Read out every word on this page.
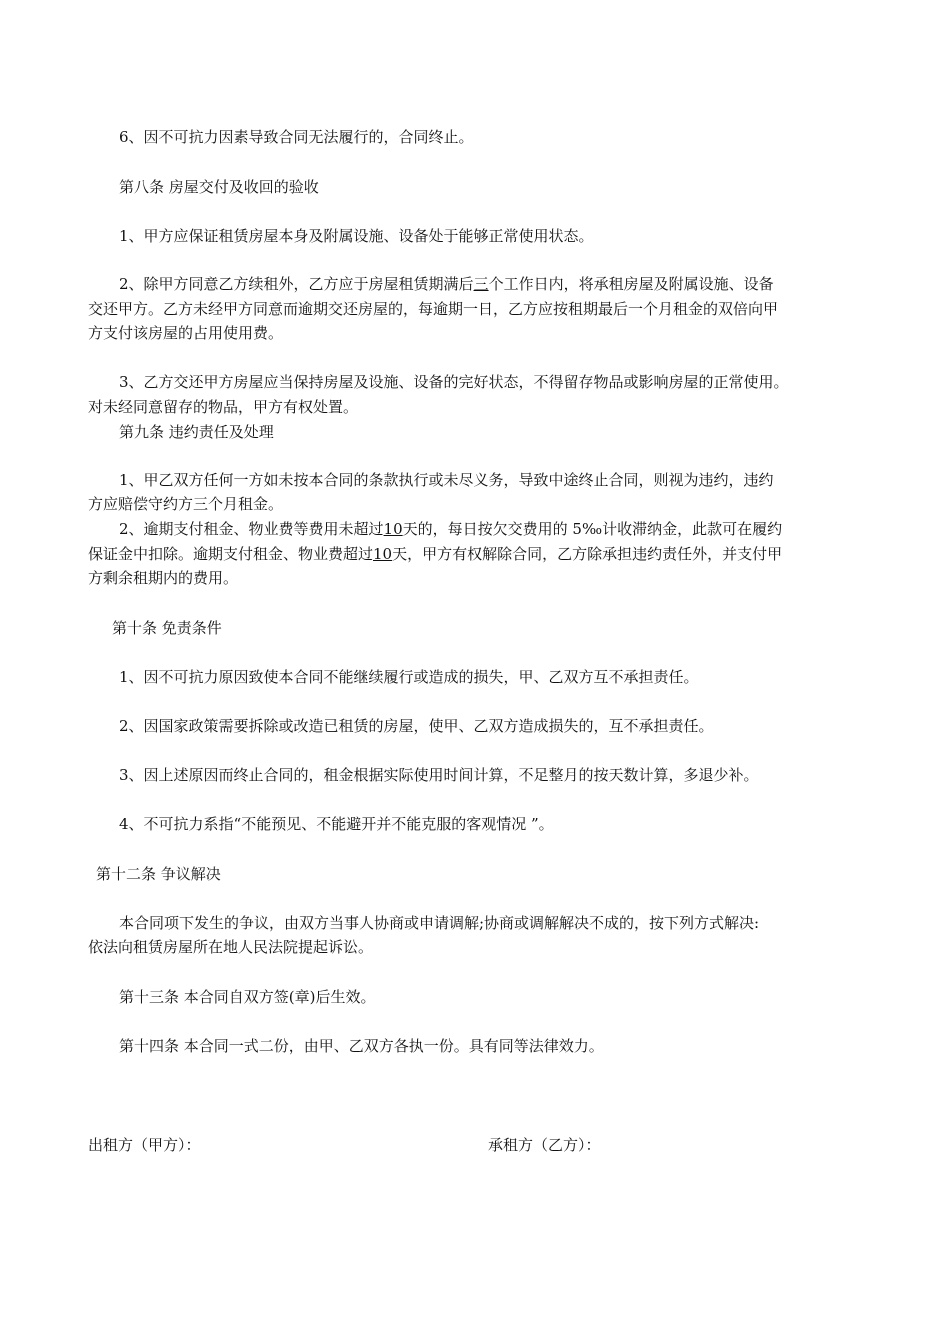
6、因不可抗力因素导致合同无法履行的，合同终止。
第八条 房屋交付及收回的验收
1、甲方应保证租赁房屋本身及附属设施、设备处于能够正常使用状态。
2、除甲方同意乙方续租外，乙方应于房屋租赁期满后三个工作日内，将承租房屋及附属设施、设备
交还甲方。乙方未经甲方同意而逾期交还房屋的，每逾期一日，乙方应按租期最后一个月租金的双倍向甲
方支付该房屋的占用使用费。
3、乙方交还甲方房屋应当保持房屋及设施、设备的完好状态，不得留存物品或影响房屋的正常使用。
对未经同意留存的物品，甲方有权处置。
第九条 违约责任及处理
1、甲乙双方任何一方如未按本合同的条款执行或未尽义务，导致中途终止合同，则视为违约，违约
方应赔偿守约方三个月租金。
2、逾期支付租金、物业费等费用未超过10天的，每日按欠交费用的 5‰计收滞纳金，此款可在履约
保证金中扣除。逾期支付租金、物业费超过10天，甲方有权解除合同，乙方除承担违约责任外，并支付甲
方剩余租期内的费用。
第十条 免责条件
1、因不可抗力原因致使本合同不能继续履行或造成的损失，甲、乙双方互不承担责任。
2、因国家政策需要拆除或改造已租赁的房屋，使甲、乙双方造成损失的，互不承担责任。
3、因上述原因而终止合同的，租金根据实际使用时间计算，不足整月的按天数计算，多退少补。
4、不可抗力系指“不能预见、不能避开并不能克服的客观情况 ”。
第十二条 争议解决
本合同项下发生的争议，由双方当事人协商或申请调解;协商或调解解决不成的，按下列方式解决:
依法向租赁房屋所在地人民法院提起诉讼。
第十三条 本合同自双方签(章)后生效。
第十四条 本合同一式二份，由甲、乙双方各执一份。具有同等法律效力。
出租方（甲方）：	承租方（乙方）：
